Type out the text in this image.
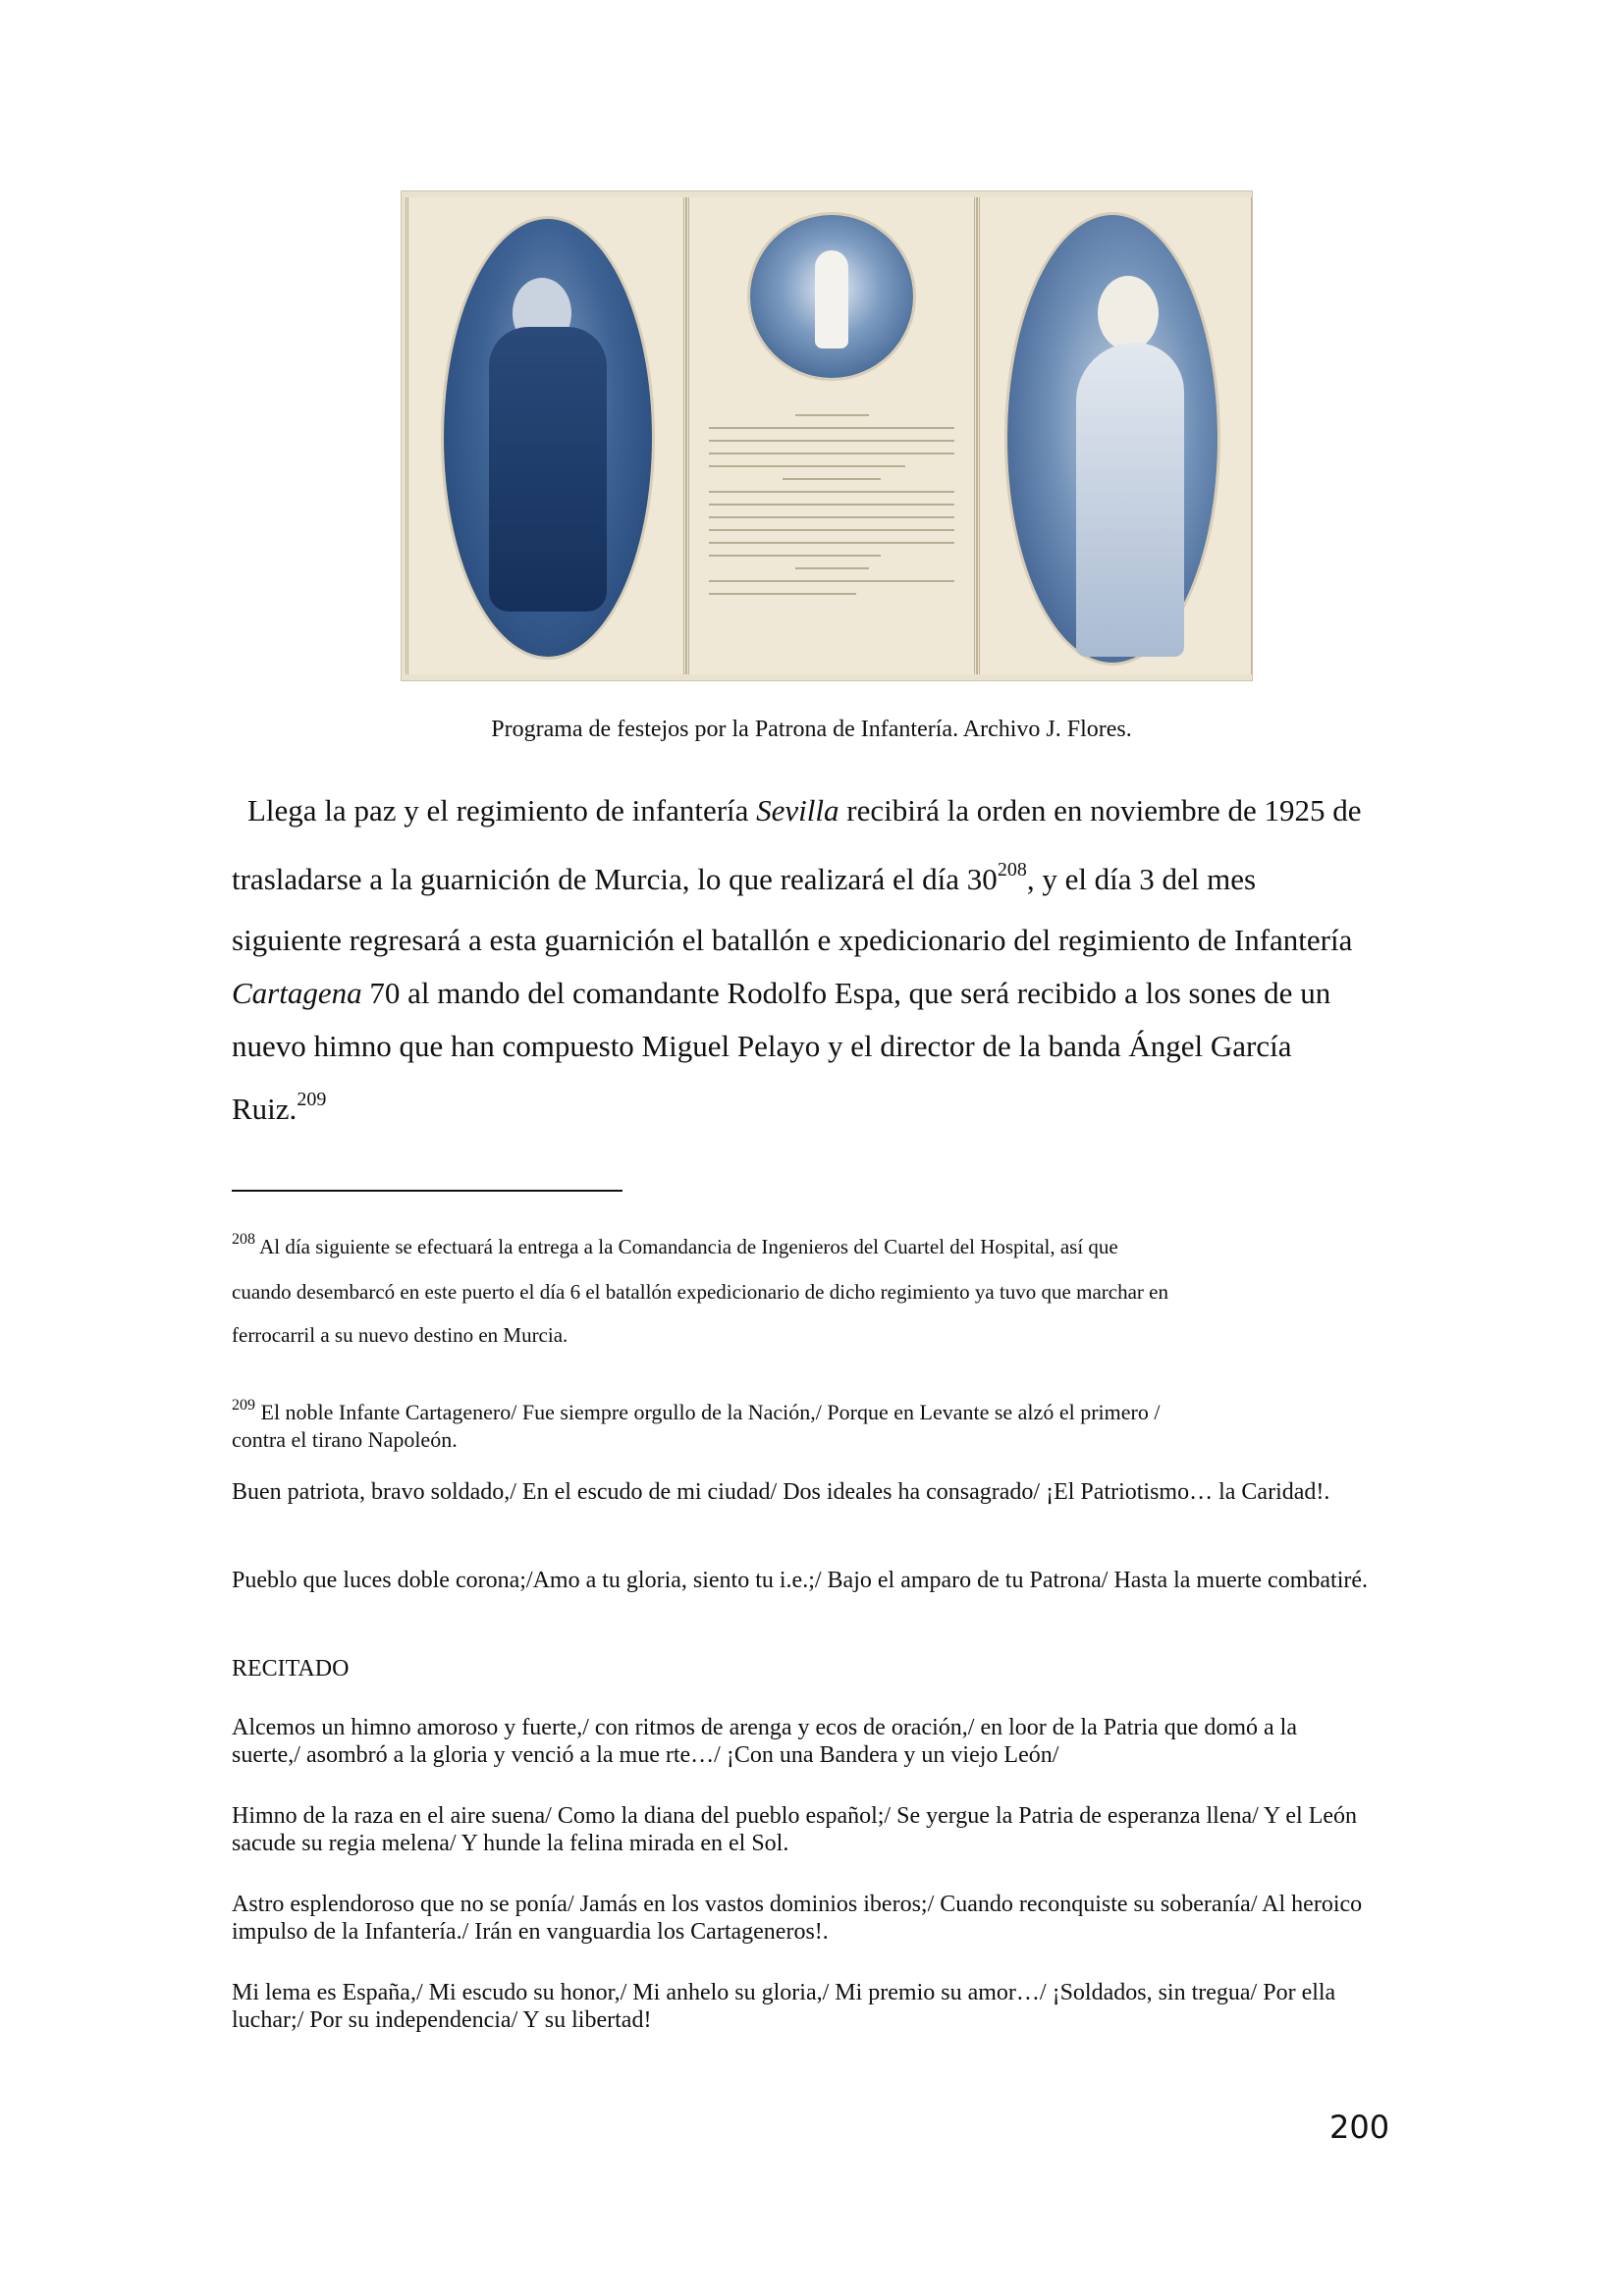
Programa de festejos por la Patrona de Infantería. Archivo J. Flores.
Llega la paz y el regimiento de infantería Sevilla recibirá la orden en noviembre de 1925 de
trasladarse a la guarnición de Murcia, lo que realizará el día $30^{208}$, y el día 3 del mes
siguiente regresará a esta guarnición el batallón e xpedicionario del regimiento de Infantería
Cartagena 70 al mando del comandante Rodolfo Espa, que será recibido a los sones de un
nuevo himno que han compuesto Miguel Pelayo y el director de la banda Ángel García
Ruiz.$^{209}$
$^{208}$ Al día siguiente se efectuará la entrega a la Comandancia de Ingenieros del Cuartel del Hospital, así que
cuando desembarcó en este puerto el día 6 el batallón expedicionario de dicho regimiento ya tuvo que marchar en
ferrocarril a su nuevo destino en Murcia.
$^{209}$ El noble Infante Cartagenero/ Fue siempre orgullo de la Nación,/ Porque en Levante se alzó el primero /
contra el tirano Napoleón.
Buen patriota, bravo soldado,/ En el escudo de mi ciudad/ Dos ideales ha consagrado/ ¡El Patriotismo… la Caridad!.
Pueblo que luces doble corona;/Amo a tu gloria, siento tu i.e.;/ Bajo el amparo de tu Patrona/ Hasta la muerte combatiré.
RECITADO
Alcemos un himno amoroso y fuerte,/ con ritmos de arenga y ecos de oración,/ en loor de la Patria que domó a la suerte,/ asombró a la gloria y venció a la mue rte…/ ¡Con una Bandera y un viejo León/
Himno de la raza en el aire suena/ Como la diana del pueblo español;/ Se yergue la Patria de esperanza llena/ Y el León sacude su regia melena/ Y hunde la felina mirada en el Sol.
Astro esplendoroso que no se ponía/ Jamás en los vastos dominios iberos;/ Cuando reconquiste su soberanía/ Al heroico impulso de la Infantería./ Irán en vanguardia los Cartageneros!.
Mi lema es España,/ Mi escudo su honor,/ Mi anhelo su gloria,/ Mi premio su amor…/ ¡Soldados, sin tregua/ Por ella luchar;/ Por su independencia/ Y su libertad!
200
